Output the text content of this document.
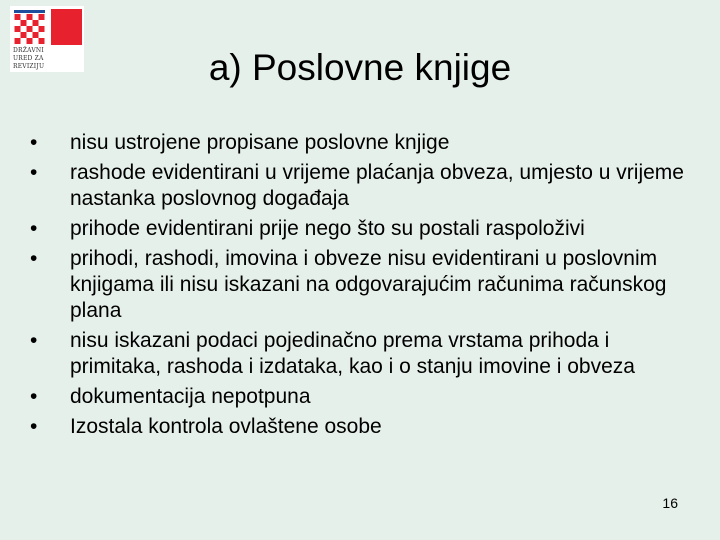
DRŽAVNI
URED ZA
REVIZIJU	a) Poslovne knjige
• nisu ustrojene propisane poslovne knjige
• rashode evidentirani u vrijeme plaćanja obveza, umjesto u vrijeme nastanka poslovnog događaja
• prihode evidentirani prije nego što su postali raspoloživi
• prihodi, rashodi, imovina i obveze nisu evidentirani u poslovnim knjigama ili nisu iskazani na odgovarajućim računima računskog plana
• nisu iskazani podaci pojedinačno prema vrstama prihoda i primitaka, rashoda i izdataka, kao i o stanju imovine i obveza
• dokumentacija nepotpuna
• Izostala kontrola ovlaštene osobe
16
